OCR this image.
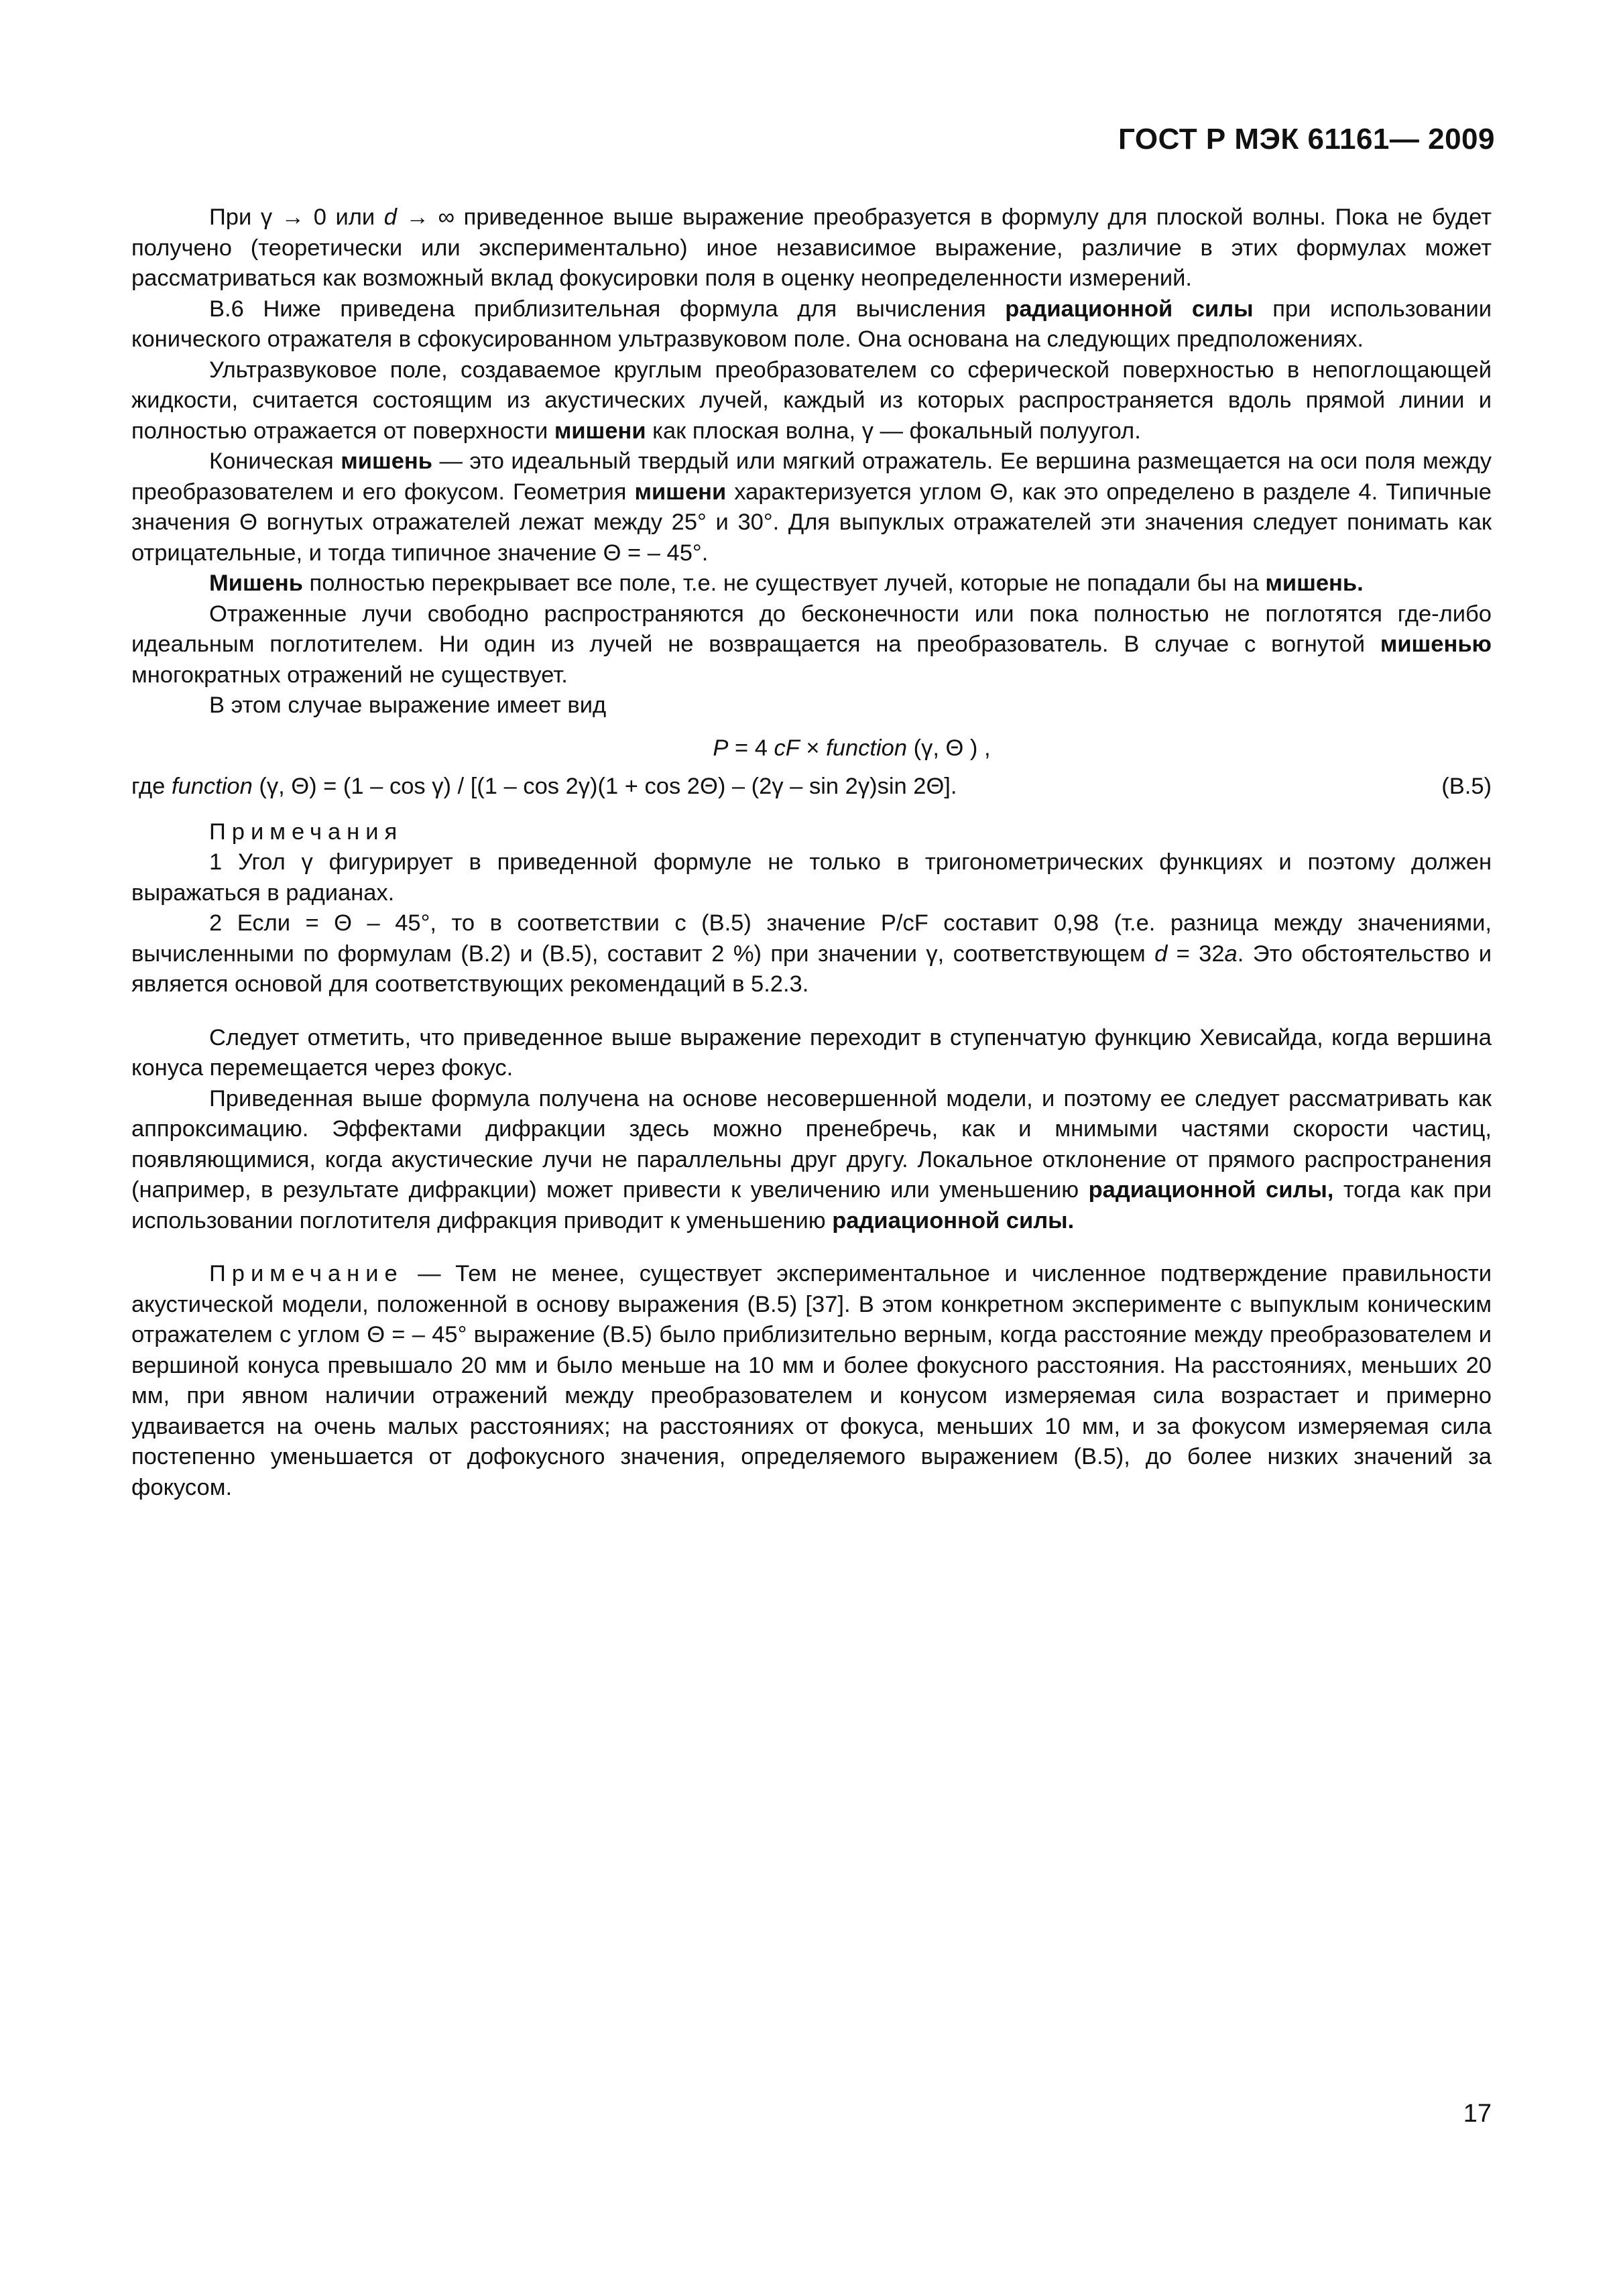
ГОСТ Р МЭК 61161— 2009

При γ → 0 или d → ∞ приведенное выше выражение преобразуется в формулу для плоской волны. Пока не будет получено (теоретически или экспериментально) иное независимое выражение, различие в этих формулах может рассматриваться как возможный вклад фокусировки поля в оценку неопределенности измерений.

В.6 Ниже приведена приблизительная формула для вычисления радиационной силы при использовании конического отражателя в сфокусированном ультразвуковом поле. Она основана на следующих предположениях.

Ультразвуковое поле, создаваемое круглым преобразователем со сферической поверхностью в непоглощающей жидкости, считается состоящим из акустических лучей, каждый из которых распространяется вдоль прямой линии и полностью отражается от поверхности мишени как плоская волна, γ — фокальный полуугол.

Коническая мишень — это идеальный твердый или мягкий отражатель. Ее вершина размещается на оси поля между преобразователем и его фокусом. Геометрия мишени характеризуется углом Θ, как это определено в разделе 4. Типичные значения Θ вогнутых отражателей лежат между 25° и 30°. Для выпуклых отражателей эти значения следует понимать как отрицательные, и тогда типичное значение Θ = – 45°.

Мишень полностью перекрывает все поле, т.е. не существует лучей, которые не попадали бы на мишень.

Отраженные лучи свободно распространяются до бесконечности или пока полностью не поглотятся где-либо идеальным поглотителем. Ни один из лучей не возвращается на преобразователь. В случае с вогнутой мишенью многократных отражений не существует.

В этом случае выражение имеет вид

P = 4 cF × function (γ, Θ ) ,
где function (γ, Θ) = (1 – cos γ) / [(1 – cos 2γ)(1 + cos 2Θ) – (2γ – sin 2γ)sin 2Θ].	(В.5)

Примечания

1 Угол γ фигурирует в приведенной формуле не только в тригонометрических функциях и поэтому должен выражаться в радианах.

2 Если = Θ – 45°, то в соответствии с (В.5) значение P/cF составит 0,98 (т.е. разница между значениями, вычисленными по формулам (В.2) и (В.5), составит 2 %) при значении γ, соответствующем d = 32a. Это обстоятельство и является основой для соответствующих рекомендаций в 5.2.3.

Следует отметить, что приведенное выше выражение переходит в ступенчатую функцию Хевисайда, когда вершина конуса перемещается через фокус.

Приведенная выше формула получена на основе несовершенной модели, и поэтому ее следует рассматривать как аппроксимацию. Эффектами дифракции здесь можно пренебречь, как и мнимыми частями скорости частиц, появляющимися, когда акустические лучи не параллельны друг другу. Локальное отклонение от прямого распространения (например, в результате дифракции) может привести к увеличению или уменьшению радиационной силы, тогда как при использовании поглотителя дифракция приводит к уменьшению радиационной силы.

Примечание — Тем не менее, существует экспериментальное и численное подтверждение правильности акустической модели, положенной в основу выражения (В.5) [37]. В этом конкретном эксперименте с выпуклым коническим отражателем с углом Θ = – 45° выражение (В.5) было приблизительно верным, когда расстояние между преобразователем и вершиной конуса превышало 20 мм и было меньше на 10 мм и более фокусного расстояния. На расстояниях, меньших 20 мм, при явном наличии отражений между преобразователем и конусом измеряемая сила возрастает и примерно удваивается на очень малых расстояниях; на расстояниях от фокуса, меньших 10 мм, и за фокусом измеряемая сила постепенно уменьшается от дофокусного значения, определяемого выражением (В.5), до более низких значений за фокусом.

17
